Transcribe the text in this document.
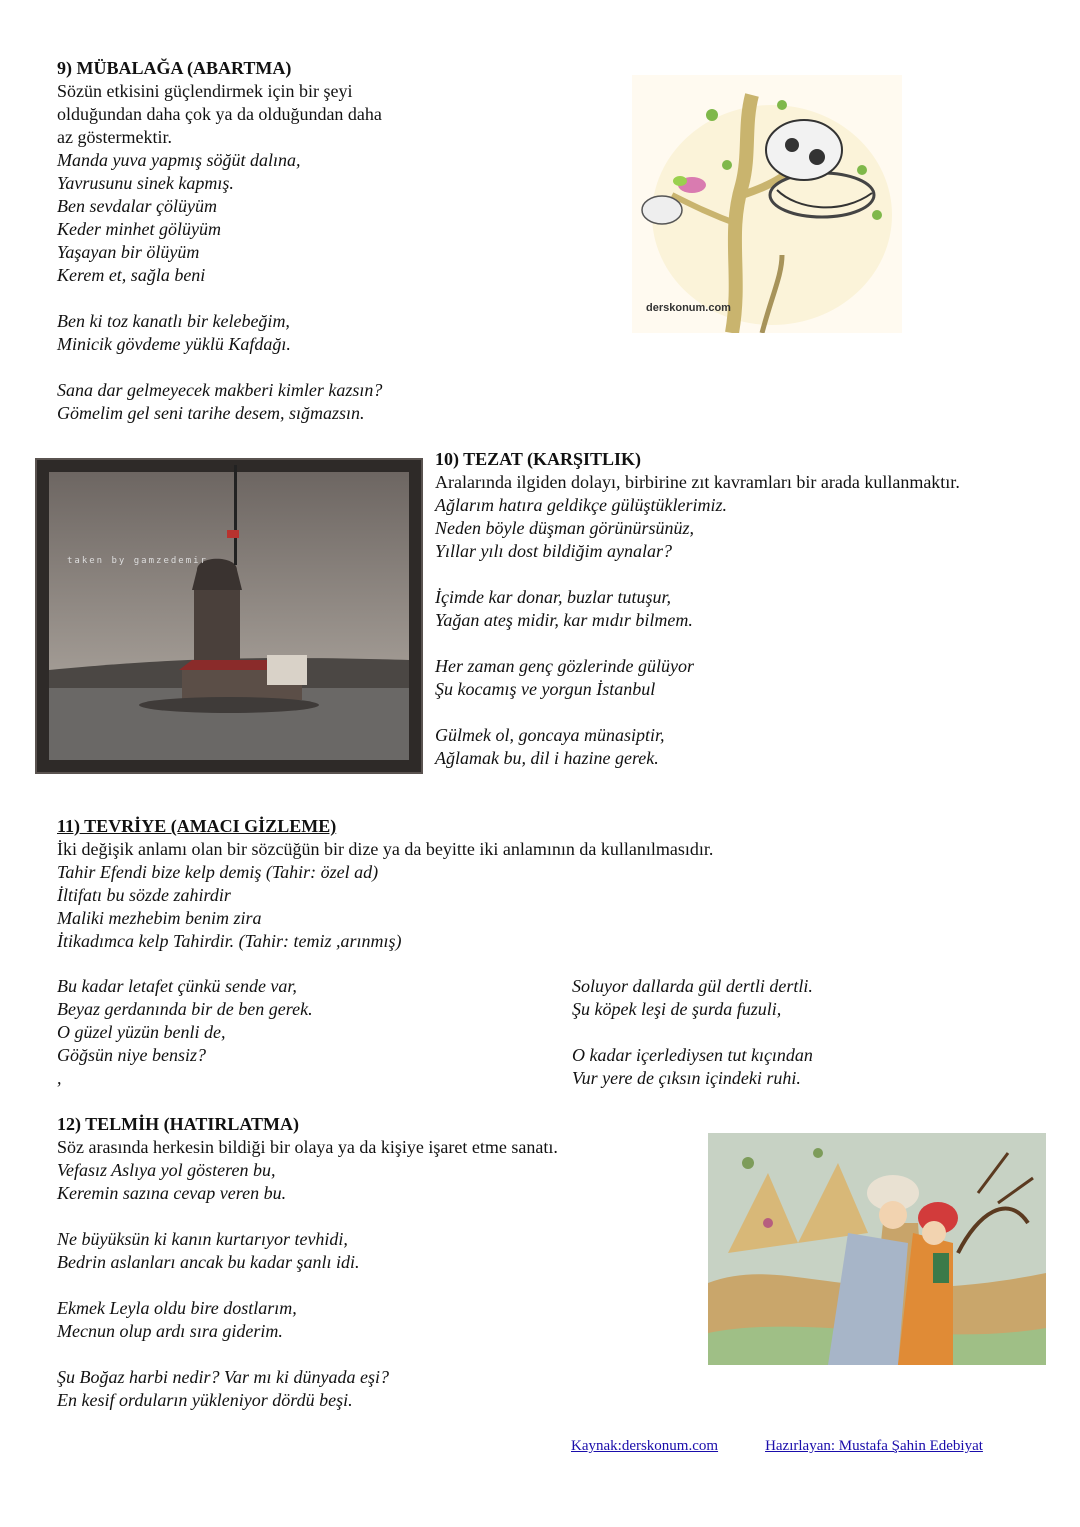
9) MÜBALAĞA (ABARTMA)
Sözün etkisini güçlendirmek için bir şeyi
olduğundan daha çok ya da olduğundan daha
az göstermektir.
Manda yuva yapmış söğüt dalına,
Yavrusunu sinek kapmış.
Ben sevdalar çölüyüm
Keder minhet gölüyüm
Yaşayan bir ölüyüm
Kerem et, sağla beni
Ben ki toz kanatlı bir kelebeğim,
Minicik gövdeme yüklü Kafdağı.
Sana dar gelmeyecek makberi kimler kazsın?
Gömelim gel seni tarihe desem, sığmazsın.
derskonum.com
taken by gamzedemir
10) TEZAT (KARŞITLIK)
Aralarında ilgiden dolayı, birbirine zıt kavramları bir arada kullanmaktır.
Ağlarım hatıra geldikçe gülüştüklerimiz.
Neden böyle düşman görünürsünüz,
Yıllar yılı dost bildiğim aynalar?
İçimde kar donar, buzlar tutuşur,
Yağan ateş midir, kar mıdır bilmem.
Her zaman genç gözlerinde gülüyor
Şu kocamış ve yorgun İstanbul
Gülmek ol, goncaya münasiptir,
Ağlamak bu, dil i hazine gerek.
11) TEVRİYE (AMACI GİZLEME)
İki değişik anlamı olan bir sözcüğün bir dize ya da beyitte iki anlamının da kullanılmasıdır.
Tahir Efendi bize kelp demiş (Tahir: özel ad)
İltifatı bu sözde zahirdir
Maliki mezhebim benim zira
İtikadımca kelp Tahirdir. (Tahir: temiz ,arınmış)
Bu kadar letafet çünkü sende var,
Beyaz gerdanında bir de ben gerek.
O güzel yüzün benli de,
Göğsün niye bensiz?
,
Soluyor dallarda gül dertli dertli.
Şu köpek leşi de şurda fuzuli,
O kadar içerlediysen tut kıçından
Vur yere de çıksın içindeki ruhi.
12) TELMİH (HATIRLATMA)
Söz arasında herkesin bildiği bir olaya ya da kişiye işaret etme sanatı.
Vefasız Aslıya yol gösteren bu,
Keremin sazına cevap veren bu.
Ne büyüksün ki kanın kurtarıyor tevhidi,
Bedrin aslanları ancak bu kadar şanlı idi.
Ekmek Leyla oldu bire dostlarım,
Mecnun olup ardı sıra giderim.
Şu Boğaz harbi nedir? Var mı ki dünyada eşi?
En kesif orduların yükleniyor dördü beşi.
Kaynak:derskonum.com	Hazırlayan: Mustafa Şahin Edebiyat
